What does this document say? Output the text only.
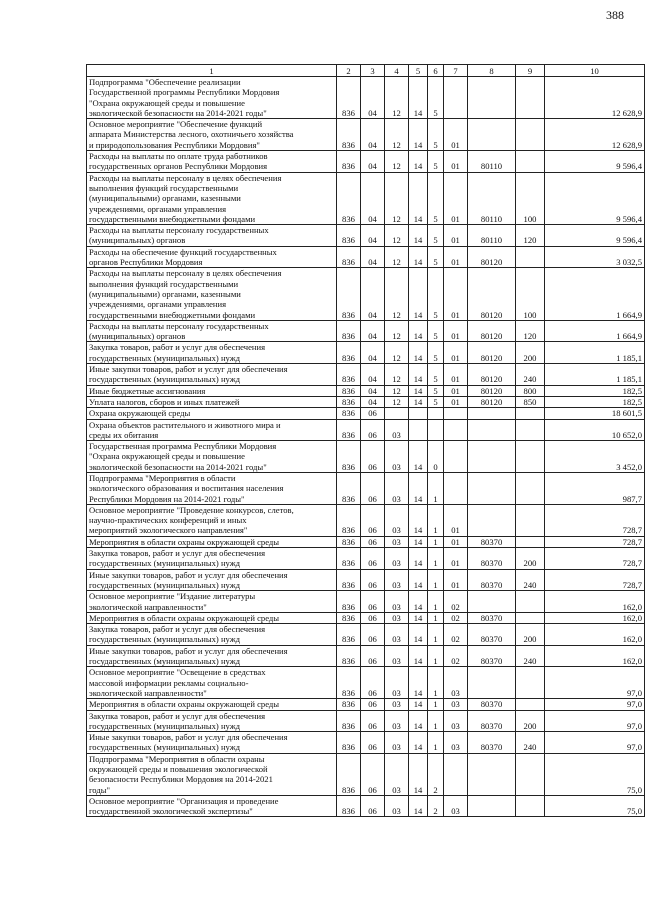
388
1	2	3	4	5	6	7	8	9	10
Подпрограмма "Обеспечение реализации
Государственной программы Республики Мордовия
"Охрана окружающей среды и повышение
экологической безопасности на 2014-2021 годы"	836	04	12	14	5				12 628,9
Основное мероприятие "Обеспечение функций
аппарата Министерства лесного, охотничьего хозяйства
и природопользования Республики Мордовия"	836	04	12	14	5	01			12 628,9
Расходы на выплаты по оплате труда работников
государственных органов Республики Мордовия	836	04	12	14	5	01	80110		9 596,4
Расходы на выплаты персоналу в целях обеспечения
выполнения функций государственными
(муниципальными) органами, казенными
учреждениями, органами управления
государственными внебюджетными фондами	836	04	12	14	5	01	80110	100	9 596,4
Расходы на выплаты персоналу государственных
(муниципальных) органов	836	04	12	14	5	01	80110	120	9 596,4
Расходы на обеспечение функций государственных
органов Республики Мордовия	836	04	12	14	5	01	80120		3 032,5
Расходы на выплаты персоналу в целях обеспечения
выполнения функций государственными
(муниципальными) органами, казенными
учреждениями, органами управления
государственными внебюджетными фондами	836	04	12	14	5	01	80120	100	1 664,9
Расходы на выплаты персоналу государственных
(муниципальных) органов	836	04	12	14	5	01	80120	120	1 664,9
Закупка товаров, работ и услуг для обеспечения
государственных (муниципальных) нужд	836	04	12	14	5	01	80120	200	1 185,1
Иные закупки товаров, работ и услуг для обеспечения
государственных (муниципальных) нужд	836	04	12	14	5	01	80120	240	1 185,1
Иные бюджетные ассигнования	836	04	12	14	5	01	80120	800	182,5
Уплата налогов, сборов и иных платежей	836	04	12	14	5	01	80120	850	182,5
Охрана окружающей среды	836	06							18 601,5
Охрана объектов растительного и животного мира и
среды их обитания	836	06	03						10 652,0
Государственная программа Республики Мордовия
"Охрана окружающей среды и повышение
экологической безопасности на 2014-2021 годы"	836	06	03	14	0				3 452,0
Подпрограмма "Мероприятия в области
экологического образования и воспитания населения
Республики Мордовия на 2014-2021 годы"	836	06	03	14	1				987,7
Основное мероприятие "Проведение конкурсов, слетов,
научно-практических конференций и иных
мероприятий экологического направления"	836	06	03	14	1	01			728,7
Мероприятия в области охраны окружающей среды	836	06	03	14	1	01	80370		728,7
Закупка товаров, работ и услуг для обеспечения
государственных (муниципальных) нужд	836	06	03	14	1	01	80370	200	728,7
Иные закупки товаров, работ и услуг для обеспечения
государственных (муниципальных) нужд	836	06	03	14	1	01	80370	240	728,7
Основное мероприятие "Издание литературы
экологической направленности"	836	06	03	14	1	02			162,0
Мероприятия в области охраны окружающей среды	836	06	03	14	1	02	80370		162,0
Закупка товаров, работ и услуг для обеспечения
государственных (муниципальных) нужд	836	06	03	14	1	02	80370	200	162,0
Иные закупки товаров, работ и услуг для обеспечения
государственных (муниципальных) нужд	836	06	03	14	1	02	80370	240	162,0
Основное мероприятие "Освещение в средствах
массовой информации рекламы социально-
экологической направленности"	836	06	03	14	1	03			97,0
Мероприятия в области охраны окружающей среды	836	06	03	14	1	03	80370		97,0
Закупка товаров, работ и услуг для обеспечения
государственных (муниципальных) нужд	836	06	03	14	1	03	80370	200	97,0
Иные закупки товаров, работ и услуг для обеспечения
государственных (муниципальных) нужд	836	06	03	14	1	03	80370	240	97,0
Подпрограмма "Мероприятия в области охраны
окружающей среды и повышения экологической
безопасности Республики Мордовия на 2014-2021
годы"	836	06	03	14	2				75,0
Основное мероприятие "Организация и проведение
государственной экологической экспертизы"	836	06	03	14	2	03			75,0
